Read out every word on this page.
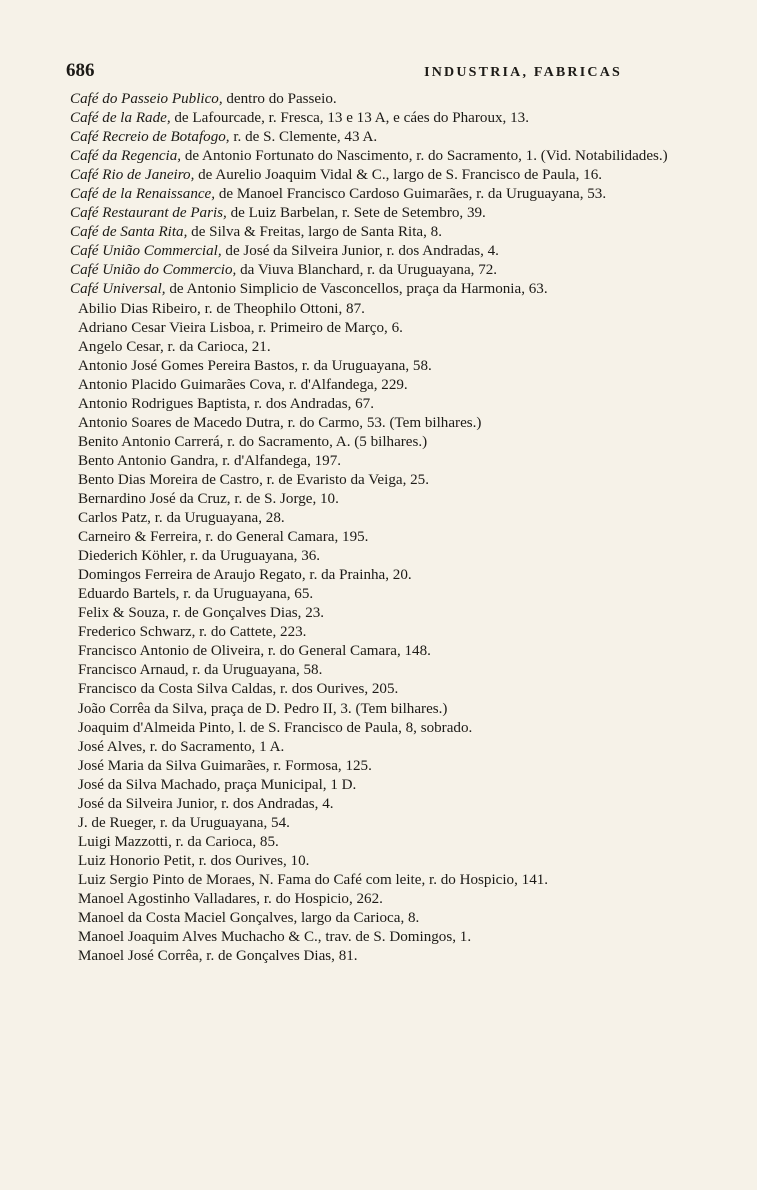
686	INDUSTRIA, FABRICAS
Café do Passeio Publico, dentro do Passeio.
Café de la Rade, de Lafourcade, r. Fresca, 13 e 13 A, e cáes do Pharoux, 13.
Café Recreio de Botafogo, r. de S. Clemente, 43 A.
Café da Regencia, de Antonio Fortunato do Nascimento, r. do Sacramento, 1. (Vid. Notabilidades.)
Café Rio de Janeiro, de Aurelio Joaquim Vidal & C., largo de S. Francisco de Paula, 16.
Café de la Renaissance, de Manoel Francisco Cardoso Guimarães, r. da Uruguayana, 53.
Café Restaurant de Paris, de Luiz Barbelan, r. Sete de Setembro, 39.
Café de Santa Rita, de Silva & Freitas, largo de Santa Rita, 8.
Café União Commercial, de José da Silveira Junior, r. dos Andradas, 4.
Café União do Commercio, da Viuva Blanchard, r. da Uruguayana, 72.
Café Universal, de Antonio Simplicio de Vasconcellos, praça da Harmonia, 63.
Abilio Dias Ribeiro, r. de Theophilo Ottoni, 87.
Adriano Cesar Vieira Lisboa, r. Primeiro de Março, 6.
Angelo Cesar, r. da Carioca, 21.
Antonio José Gomes Pereira Bastos, r. da Uruguayana, 58.
Antonio Placido Guimarães Cova, r. d'Alfandega, 229.
Antonio Rodrigues Baptista, r. dos Andradas, 67.
Antonio Soares de Macedo Dutra, r. do Carmo, 53. (Tem bilhares.)
Benito Antonio Carrerá, r. do Sacramento, A. (5 bilhares.)
Bento Antonio Gandra, r. d'Alfandega, 197.
Bento Dias Moreira de Castro, r. de Evaristo da Veiga, 25.
Bernardino José da Cruz, r. de S. Jorge, 10.
Carlos Patz, r. da Uruguayana, 28.
Carneiro & Ferreira, r. do General Camara, 195.
Diederich Köhler, r. da Uruguayana, 36.
Domingos Ferreira de Araujo Regato, r. da Prainha, 20.
Eduardo Bartels, r. da Uruguayana, 65.
Felix & Souza, r. de Gonçalves Dias, 23.
Frederico Schwarz, r. do Cattete, 223.
Francisco Antonio de Oliveira, r. do General Camara, 148.
Francisco Arnaud, r. da Uruguayana, 58.
Francisco da Costa Silva Caldas, r. dos Ourives, 205.
João Corrêa da Silva, praça de D. Pedro II, 3. (Tem bilhares.)
Joaquim d'Almeida Pinto, l. de S. Francisco de Paula, 8, sobrado.
José Alves, r. do Sacramento, 1 A.
José Maria da Silva Guimarães, r. Formosa, 125.
José da Silva Machado, praça Municipal, 1 D.
José da Silveira Junior, r. dos Andradas, 4.
J. de Rueger, r. da Uruguayana, 54.
Luigi Mazzotti, r. da Carioca, 85.
Luiz Honorio Petit, r. dos Ourives, 10.
Luiz Sergio Pinto de Moraes, N. Fama do Café com leite, r. do Hospicio, 141.
Manoel Agostinho Valladares, r. do Hospicio, 262.
Manoel da Costa Maciel Gonçalves, largo da Carioca, 8.
Manoel Joaquim Alves Muchacho & C., trav. de S. Domingos, 1.
Manoel José Corrêa, r. de Gonçalves Dias, 81.
